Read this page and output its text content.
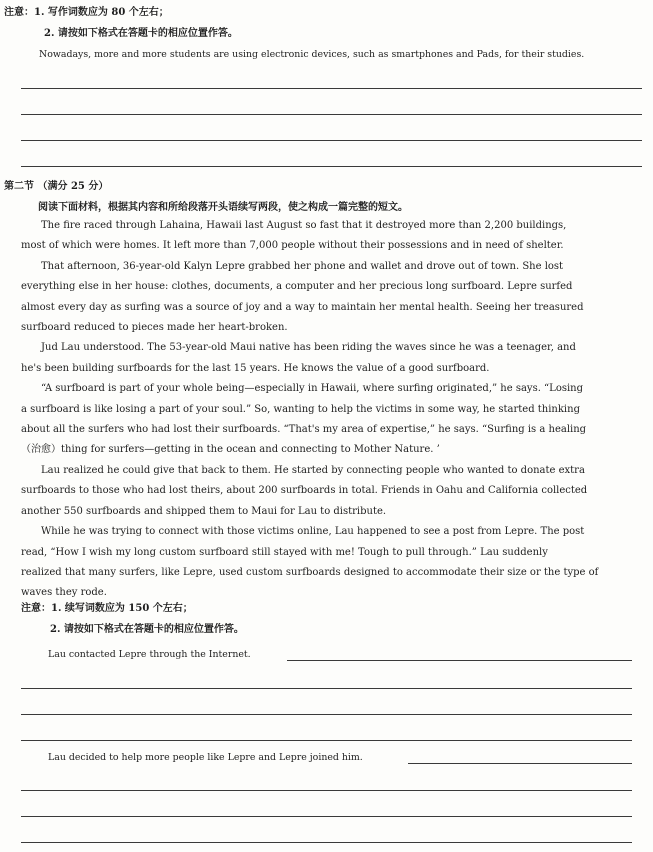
注意：1. 写作词数应为 80 个左右；
2. 请按如下格式在答题卡的相应位置作答。
Nowadays, more and more students are using electronic devices, such as smartphones and Pads, for their studies.
第二节 （满分 25 分）
阅读下面材料，根据其内容和所给段落开头语续写两段，使之构成一篇完整的短文。
The fire raced through Lahaina, Hawaii last August so fast that it destroyed more than 2,200 buildings,
most of which were homes. It left more than 7,000 people without their possessions and in need of shelter.
That afternoon, 36-year-old Kalyn Lepre grabbed her phone and wallet and drove out of town. She lost
everything else in her house: clothes, documents, a computer and her precious long surfboard. Lepre surfed
almost every day as surfing was a source of joy and a way to maintain her mental health. Seeing her treasured
surfboard reduced to pieces made her heart-broken.
Jud Lau understood. The 53-year-old Maui native has been riding the waves since he was a teenager, and
he's been building surfboards for the last 15 years. He knows the value of a good surfboard.
“A surfboard is part of your whole being—especially in Hawaii, where surfing originated,” he says. “Losing
a surfboard is like losing a part of your soul.” So, wanting to help the victims in some way, he started thinking
about all the surfers who had lost their surfboards. “That's my area of expertise,” he says. “Surfing is a healing
（治愈）thing for surfers—getting in the ocean and connecting to Mother Nature. ’
Lau realized he could give that back to them. He started by connecting people who wanted to donate extra
surfboards to those who had lost theirs, about 200 surfboards in total. Friends in Oahu and California collected
another 550 surfboards and shipped them to Maui for Lau to distribute.
While he was trying to connect with those victims online, Lau happened to see a post from Lepre. The post
read, “How I wish my long custom surfboard still stayed with me! Tough to pull through.” Lau suddenly
realized that many surfers, like Lepre, used custom surfboards designed to accommodate their size or the type of
waves they rode.
注意：1. 续写词数应为 150 个左右；
2. 请按如下格式在答题卡的相应位置作答。
Lau contacted Lepre through the Internet.
Lau decided to help more people like Lepre and Lepre joined him.
